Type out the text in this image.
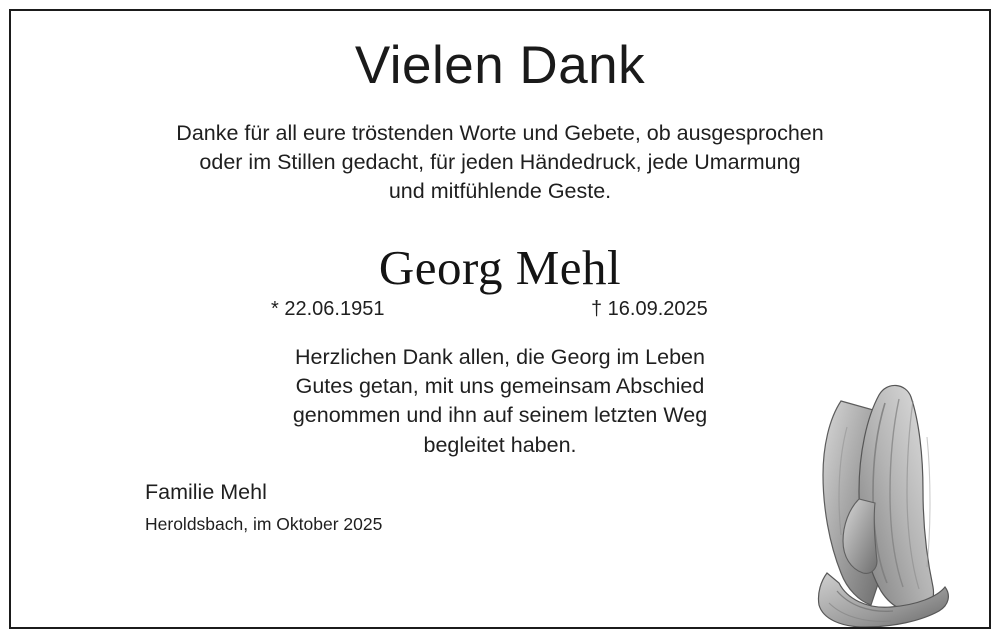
Vielen Dank
Danke für all eure tröstenden Worte und Gebete, ob ausgesprochen
oder im Stillen gedacht, für jeden Händedruck, jede Umarmung
und mitfühlende Geste.
Georg Mehl
* 22.06.1951	† 16.09.2025
Herzlichen Dank allen, die Georg im Leben
Gutes getan, mit uns gemeinsam Abschied
genommen und ihn auf seinem letzten Weg
begleitet haben.
Familie Mehl
Heroldsbach, im Oktober 2025
